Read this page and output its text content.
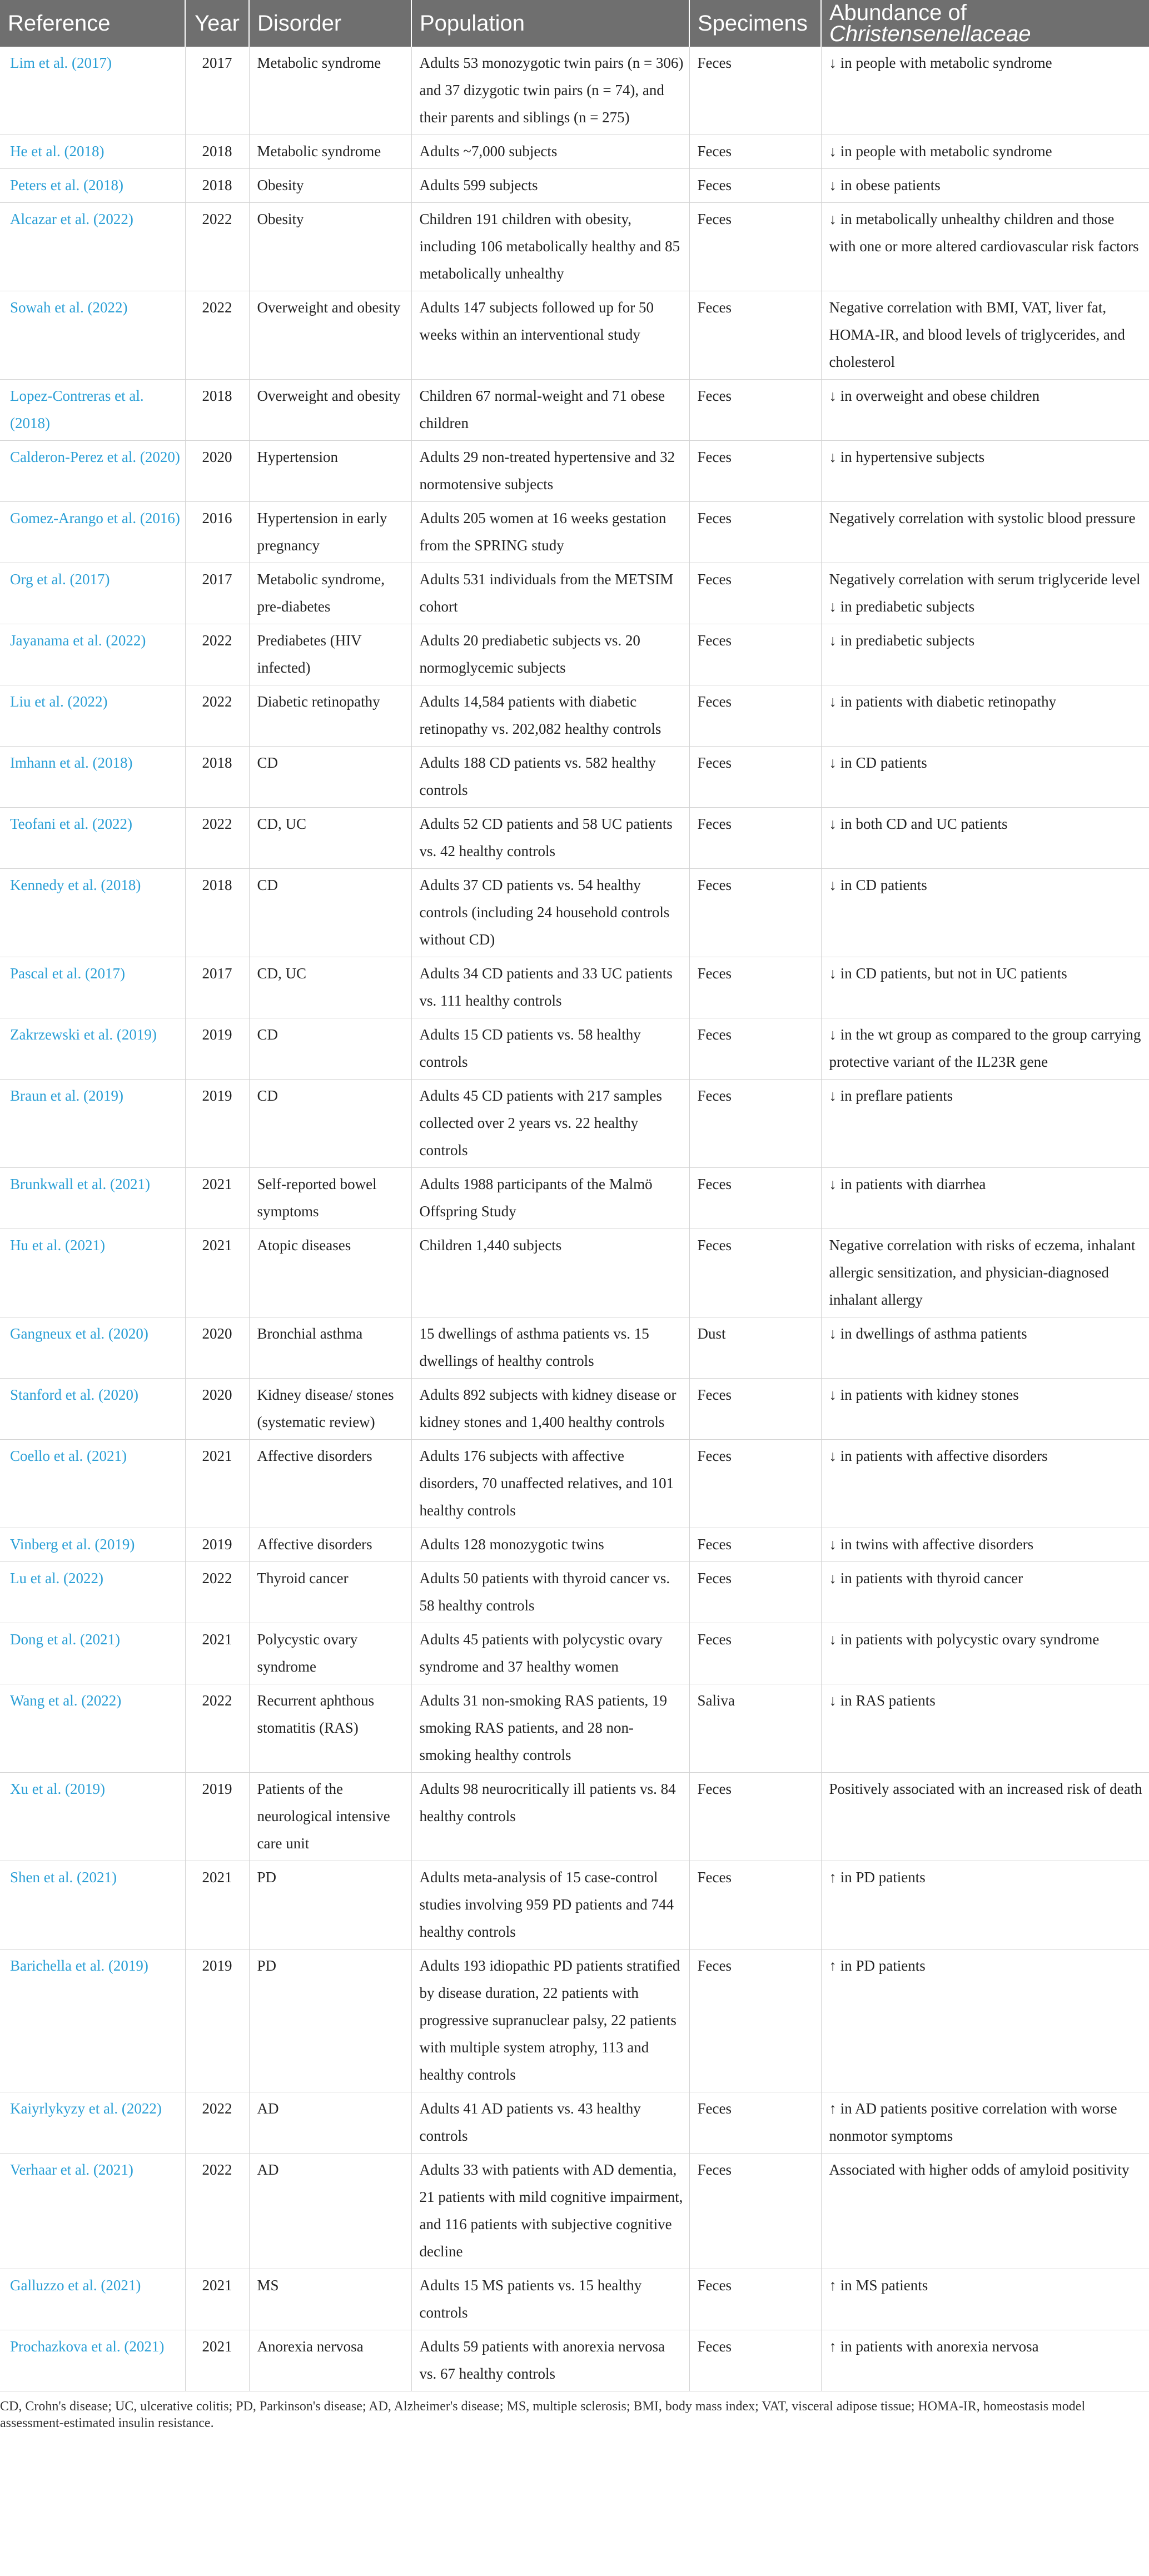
Reference	Year	Disorder	Population	Specimens	Abundance of
Christensenellaceae

Lim et al. (2017)	2017	Metabolic syndrome	Adults 53 monozygotic twin pairs (n = 306) and 37 dizygotic twin pairs (n = 74), and their parents and siblings (n = 275)	Feces	↓ in people with metabolic syndrome
He et al. (2018)	2018	Metabolic syndrome	Adults ~7,000 subjects	Feces	↓ in people with metabolic syndrome
Peters et al. (2018)	2018	Obesity	Adults 599 subjects	Feces	↓ in obese patients
Alcazar et al. (2022)	2022	Obesity	Children 191 children with obesity, including 106 metabolically healthy and 85 metabolically unhealthy	Feces	↓ in metabolically unhealthy children and those with one or more altered cardiovascular risk factors
Sowah et al. (2022)	2022	Overweight and obesity	Adults 147 subjects followed up for 50 weeks within an interventional study	Feces	Negative correlation with BMI, VAT, liver fat, HOMA-IR, and blood levels of triglycerides, and cholesterol
Lopez-Contreras et al. (2018)	2018	Overweight and obesity	Children 67 normal-weight and 71 obese children	Feces	↓ in overweight and obese children
Calderon-Perez et al. (2020)	2020	Hypertension	Adults 29 non-treated hypertensive and 32 normotensive subjects	Feces	↓ in hypertensive subjects
Gomez-Arango et al. (2016)	2016	Hypertension in early pregnancy	Adults 205 women at 16 weeks gestation from the SPRING study	Feces	Negatively correlation with systolic blood pressure
Org et al. (2017)	2017	Metabolic syndrome, pre-diabetes	Adults 531 individuals from the METSIM cohort	Feces	Negatively correlation with serum triglyceride level ↓ in prediabetic subjects
Jayanama et al. (2022)	2022	Prediabetes (HIV infected)	Adults 20 prediabetic subjects vs. 20 normoglycemic subjects	Feces	↓ in prediabetic subjects
Liu et al. (2022)	2022	Diabetic retinopathy	Adults 14,584 patients with diabetic retinopathy vs. 202,082 healthy controls	Feces	↓ in patients with diabetic retinopathy
Imhann et al. (2018)	2018	CD	Adults 188 CD patients vs. 582 healthy controls	Feces	↓ in CD patients
Teofani et al. (2022)	2022	CD, UC	Adults 52 CD patients and 58 UC patients vs. 42 healthy controls	Feces	↓ in both CD and UC patients
Kennedy et al. (2018)	2018	CD	Adults 37 CD patients vs. 54 healthy controls (including 24 household controls without CD)	Feces	↓ in CD patients
Pascal et al. (2017)	2017	CD, UC	Adults 34 CD patients and 33 UC patients vs. 111 healthy controls	Feces	↓ in CD patients, but not in UC patients
Zakrzewski et al. (2019)	2019	CD	Adults 15 CD patients vs. 58 healthy controls	Feces	↓ in the wt group as compared to the group carrying protective variant of the IL23R gene
Braun et al. (2019)	2019	CD	Adults 45 CD patients with 217 samples collected over 2 years vs. 22 healthy controls	Feces	↓ in preflare patients
Brunkwall et al. (2021)	2021	Self-reported bowel symptoms	Adults 1988 participants of the Malmö Offspring Study	Feces	↓ in patients with diarrhea
Hu et al. (2021)	2021	Atopic diseases	Children 1,440 subjects	Feces	Negative correlation with risks of eczema, inhalant allergic sensitization, and physician-diagnosed inhalant allergy
Gangneux et al. (2020)	2020	Bronchial asthma	15 dwellings of asthma patients vs. 15 dwellings of healthy controls	Dust	↓ in dwellings of asthma patients
Stanford et al. (2020)	2020	Kidney disease/ stones (systematic review)	Adults 892 subjects with kidney disease or kidney stones and 1,400 healthy controls	Feces	↓ in patients with kidney stones
Coello et al. (2021)	2021	Affective disorders	Adults 176 subjects with affective disorders, 70 unaffected relatives, and 101 healthy controls	Feces	↓ in patients with affective disorders
Vinberg et al. (2019)	2019	Affective disorders	Adults 128 monozygotic twins	Feces	↓ in twins with affective disorders
Lu et al. (2022)	2022	Thyroid cancer	Adults 50 patients with thyroid cancer vs. 58 healthy controls	Feces	↓ in patients with thyroid cancer
Dong et al. (2021)	2021	Polycystic ovary syndrome	Adults 45 patients with polycystic ovary syndrome and 37 healthy women	Feces	↓ in patients with polycystic ovary syndrome
Wang et al. (2022)	2022	Recurrent aphthous stomatitis (RAS)	Adults 31 non-smoking RAS patients, 19 smoking RAS patients, and 28 non-smoking healthy controls	Saliva	↓ in RAS patients
Xu et al. (2019)	2019	Patients of the neurological intensive care unit	Adults 98 neurocritically ill patients vs. 84 healthy controls	Feces	Positively associated with an increased risk of death
Shen et al. (2021)	2021	PD	Adults meta-analysis of 15 case-control studies involving 959 PD patients and 744 healthy controls	Feces	↑ in PD patients
Barichella et al. (2019)	2019	PD	Adults 193 idiopathic PD patients stratified by disease duration, 22 patients with progressive supranuclear palsy, 22 patients with multiple system atrophy, 113 and healthy controls	Feces	↑ in PD patients
Kaiyrlykyzy et al. (2022)	2022	AD	Adults 41 AD patients vs. 43 healthy controls	Feces	↑ in AD patients positive correlation with worse nonmotor symptoms
Verhaar et al. (2021)	2022	AD	Adults 33 with patients with AD dementia, 21 patients with mild cognitive impairment, and 116 patients with subjective cognitive decline	Feces	Associated with higher odds of amyloid positivity
Galluzzo et al. (2021)	2021	MS	Adults 15 MS patients vs. 15 healthy controls	Feces	↑ in MS patients
Prochazkova et al. (2021)	2021	Anorexia nervosa	Adults 59 patients with anorexia nervosa vs. 67 healthy controls	Feces	↑ in patients with anorexia nervosa
CD, Crohn's disease; UC, ulcerative colitis; PD, Parkinson's disease; AD, Alzheimer's disease; MS, multiple sclerosis; BMI, body mass index; VAT, visceral adipose tissue; HOMA-IR, homeostasis model assessment-estimated insulin resistance.
